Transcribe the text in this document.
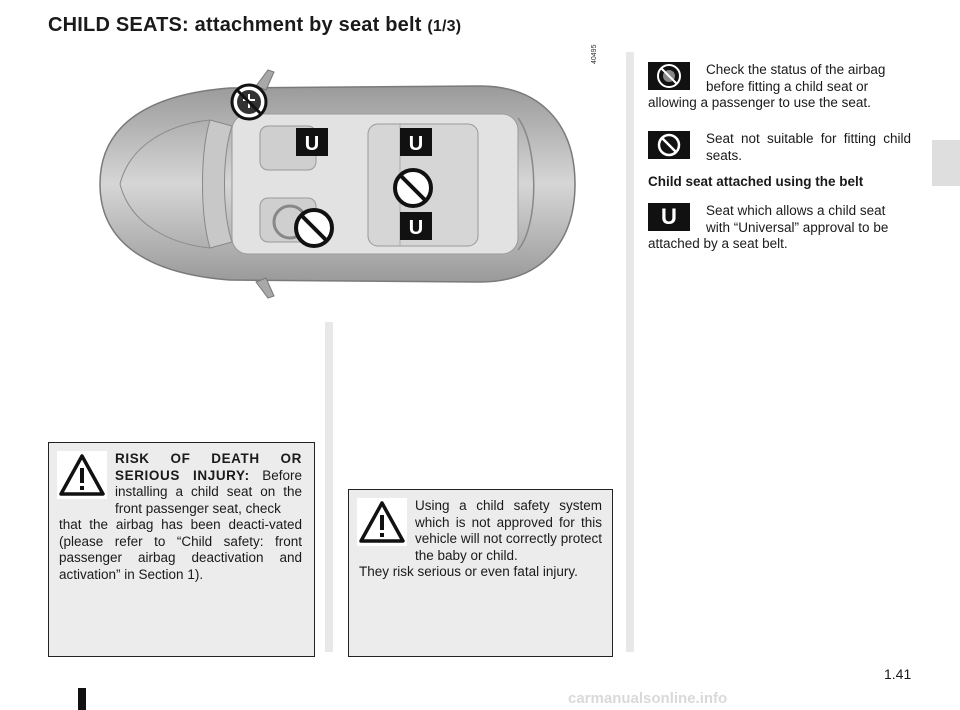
CHILD SEATS: attachment by seat belt (1/3)
40495
U	U
U
Check the status of the airbag before fitting a child seat or allowing a passenger to use the seat.
Seat not suitable for fitting child seats.
Child seat attached using the belt
U	Seat which allows a child seat with “Universal” approval to be attached by a seat belt.

RISK OF DEATH OR SERIOUS INJURY: Before installing a child seat on the front passenger seat, check

that the airbag has been deacti-vated (please refer to “Child safety: front passenger airbag deactivation and activation” in Section 1).

Using a child safety system which is not approved for this vehicle will not correctly protect the baby or child.

They risk serious or even fatal injury.
1.41
carmanualsonline.info
